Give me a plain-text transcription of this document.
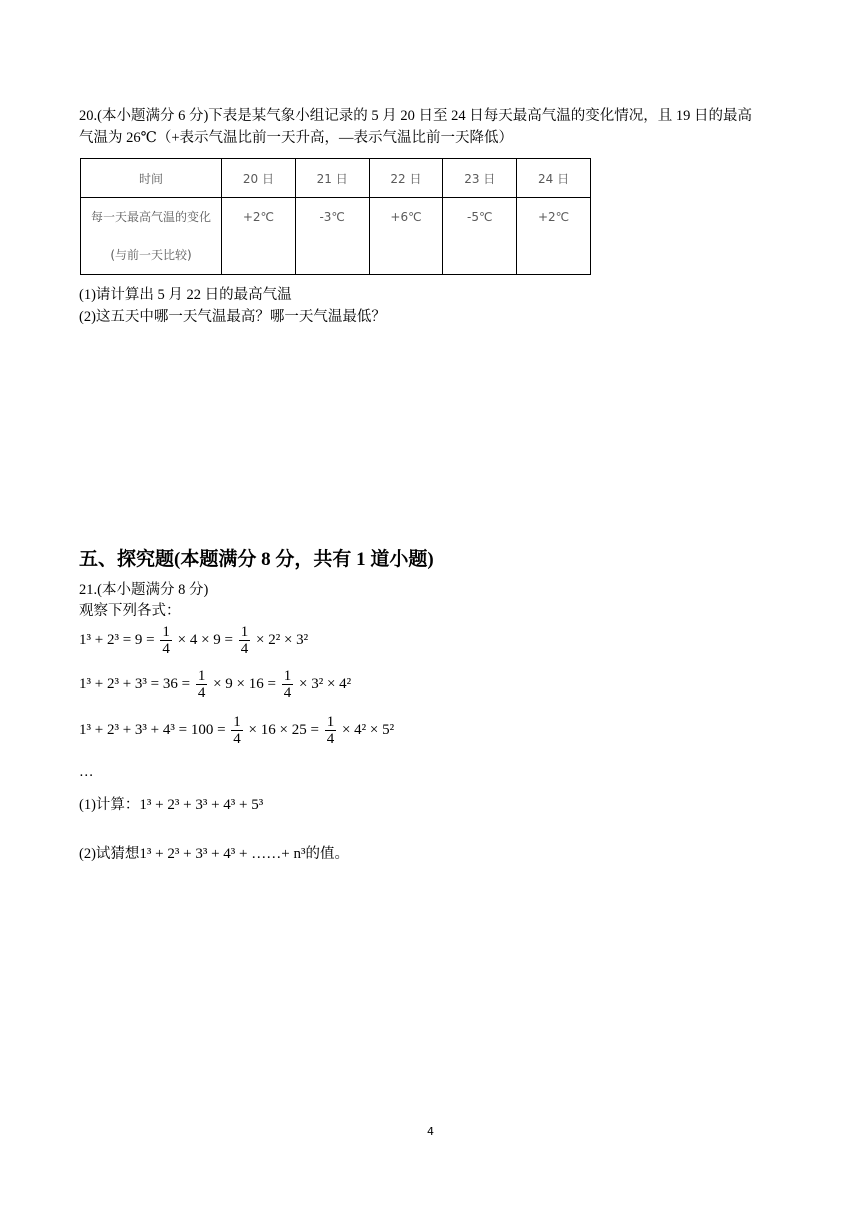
20.(本小题满分 6 分)下表是某气象小组记录的 5 月 20 日至 24 日每天最高气温的变化情况，且 19 日的最高
气温为 26℃（+表示气温比前一天升高，—表示气温比前一天降低）
时间	20 日	21 日	22 日	23 日	24 日

每一天最高气温的变化
(与前一天比较)	+2℃	-3℃	+6℃	-5℃	+2℃
(1)请计算出 5 月 22 日的最高气温
(2)这五天中哪一天气温最高？哪一天气温最低？
五、探究题(本题满分 8 分，共有 1 道小题)
21.(本小题满分 8 分)
观察下列各式：
$1^3 + 2^3 = 9 = \frac{1}{4} \times 4 \times 9 = \frac{1}{4} \times 2^2 \times 3^2$
$1^3 + 2^3 + 3^3 = 36 = \frac{1}{4} \times 9 \times 16 = \frac{1}{4} \times 3^2 \times 4^2$
$1^3 + 2^3 + 3^3 + 4^3 = 100 = \frac{1}{4} \times 16 \times 25 = \frac{1}{4} \times 4^2 \times 5^2$
…
(1)计算：1³ + 2³ + 3³ + 4³ + 5³
(2)试猜想1³ + 2³ + 3³ + 4³ + ……+ n³的值。
4
